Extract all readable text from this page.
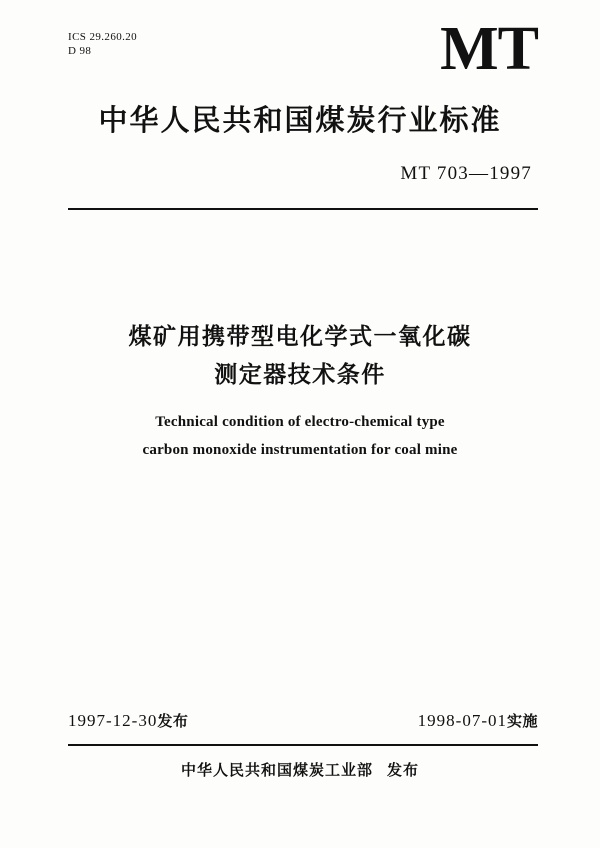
ICS 29.260.20
D 98	MT
中华人民共和国煤炭行业标准
MT 703—1997
煤矿用携带型电化学式一氧化碳
测定器技术条件
Technical condition of electro-chemical type
carbon monoxide instrumentation for coal mine
1997-12-30发布	1998-07-01实施
中华人民共和国煤炭工业部 发布
